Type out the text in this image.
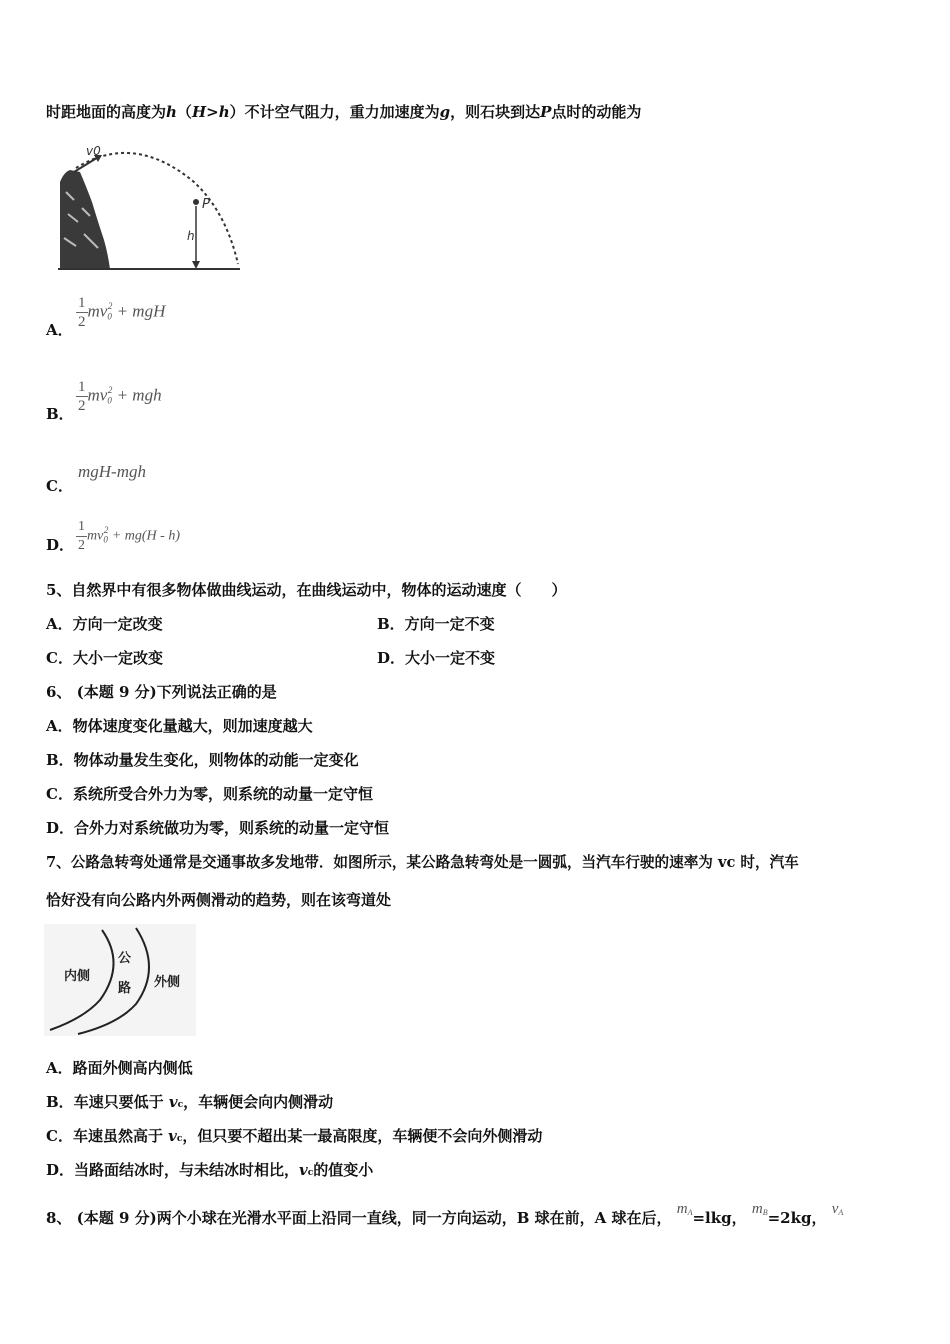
时距地面的高度为h（H>h）不计空气阻力，重力加速度为g，则石块到达P点时的动能为
v0
P
h
A． $\frac{1}{2} mv_0^2$ + mgH
B． $\frac{1}{2} mv_0^2$ + mgh
C．
mgH-mgh
D． $\frac{1}{2} mv_0^2 + mg(H - h)$
5、自然界中有很多物体做曲线运动，在曲线运动中，物体的运动速度（　　）
A．方向一定改变	B．方向一定不变
C．大小一定改变	D．大小一定不变
6、 (本题 9 分)下列说法正确的是
A．物体速度变化量越大，则加速度越大
B．物体动量发生变化，则物体的动能一定变化
C．系统所受合外力为零，则系统的动量一定守恒
D．合外力对系统做功为零，则系统的动量一定守恒
7、公路急转弯处通常是交通事故多发地带．如图所示，某公路急转弯处是一圆弧，当汽车行驶的速率为 vc 时，汽车
恰好没有向公路内外两侧滑动的趋势，则在该弯道处
内侧
公
路 外侧
A．路面外侧高内侧低
B．车速只要低于 vc，车辆便会向内侧滑动
C．车速虽然高于 vc，但只要不超出某一最高限度，车辆便不会向外侧滑动
D．当路面结冰时，与未结冰时相比，vc的值变小
8、 (本题 9 分)两个小球在光滑水平面上沿同一直线，同一方向运动，B 球在前，A 球在后， $m^A=lkg$， $m^B=2kg$， $v^A$
